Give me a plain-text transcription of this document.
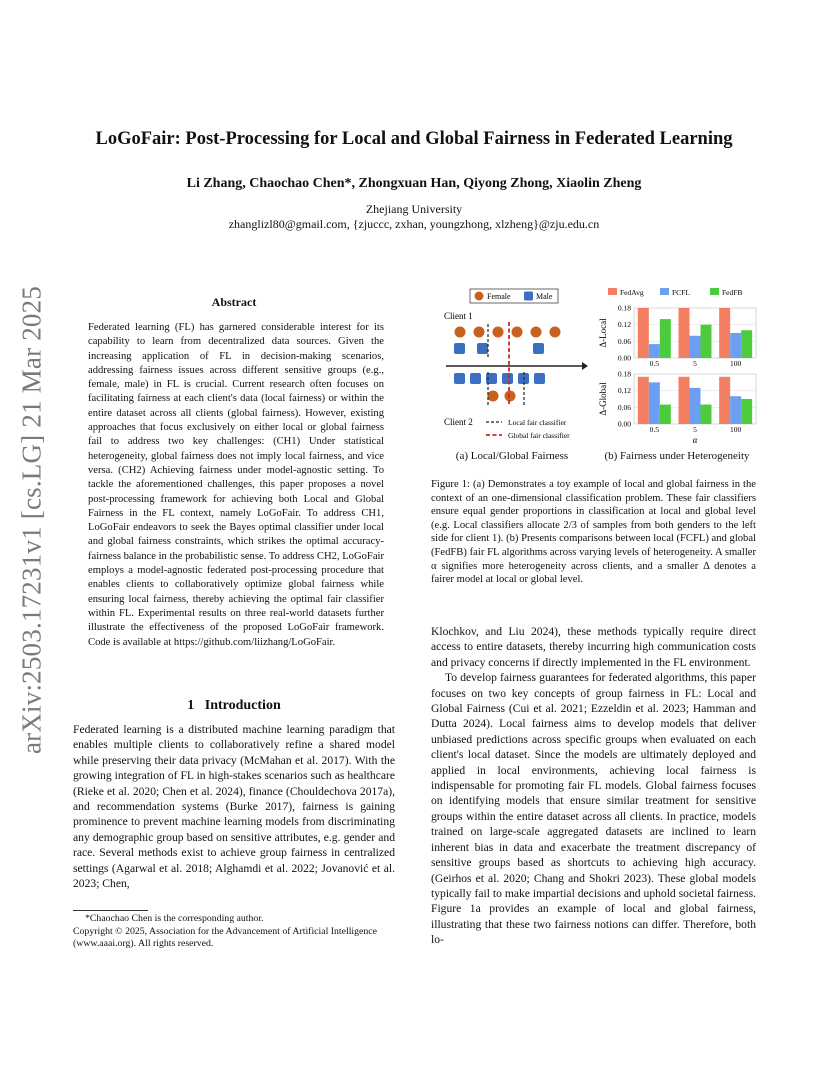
arXiv:2503.17231v1 [cs.LG] 21 Mar 2025
LoGoFair: Post-Processing for Local and Global Fairness in Federated Learning
Li Zhang, Chaochao Chen*, Zhongxuan Han, Qiyong Zhong, Xiaolin Zheng
Zhejiang University
zhanglizl80@gmail.com, {zjuccc, zxhan, youngzhong, xlzheng}@zju.edu.cn
Abstract
Federated learning (FL) has garnered considerable interest for its capability to learn from decentralized data sources. Given the increasing application of FL in decision-making scenarios, addressing fairness issues across different sensitive groups (e.g., female, male) in FL is crucial. Current research often focuses on facilitating fairness at each client's data (local fairness) or within the entire dataset across all clients (global fairness). However, existing approaches that focus exclusively on either local or global fairness fail to address two key challenges: (CH1) Under statistical heterogeneity, global fairness does not imply local fairness, and vice versa. (CH2) Achieving fairness under model-agnostic setting. To tackle the aforementioned challenges, this paper proposes a novel post-processing framework for achieving both Local and Global Fairness in the FL context, namely LoGoFair. To address CH1, LoGoFair endeavors to seek the Bayes optimal classifier under local and global fairness constraints, which strikes the optimal accuracy-fairness balance in the probabilistic sense. To address CH2, LoGoFair employs a model-agnostic federated post-processing procedure that enables clients to collaboratively optimize global fairness while ensuring local fairness, thereby achieving the optimal fair classifier within FL. Experimental results on three real-world datasets further illustrate the effectiveness of the proposed LoGoFair framework. Code is available at https://github.com/liizhang/LoGoFair.
1 Introduction
Federated learning is a distributed machine learning paradigm that enables multiple clients to collaboratively refine a shared model while preserving their data privacy (McMahan et al. 2017). With the growing integration of FL in high-stakes scenarios such as healthcare (Rieke et al. 2020; Chen et al. 2024), finance (Chouldechova 2017a), and recommendation systems (Burke 2017), fairness is gaining prominence to prevent machine learning models from discriminating any demographic group based on sensitive attributes, e.g. gender and race. Several methods exist to achieve group fairness in centralized settings (Agarwal et al. 2018; Alghamdi et al. 2022; Jovanović et al. 2023; Chen,
*Chaochao Chen is the corresponding author.
Copyright © 2025, Association for the Advancement of Artificial Intelligence (www.aaai.org). All rights reserved.
Female	Male
Client 1
Client 2	Local fair classifier
Global fair classifier
FedAvg	FCFL	FedFB
0.00
0.06
0.12
0.18
0.5	5	100
Δ-Local
0.00
0.06
0.12
0.18
0.5	5	100
Δ-Global
α
(a) Local/Global Fairness	(b) Fairness under Heterogeneity
Figure 1: (a) Demonstrates a toy example of local and global fairness in the context of an one-dimensional classification problem. These fair classifiers ensure equal gender proportions in classification at local and global level (e.g. Local classifiers allocate 2/3 of samples from both genders to the left side for client 1). (b) Presents comparisons between local (FCFL) and global (FedFB) fair FL algorithms across varying levels of heterogeneity. A smaller α signifies more heterogeneity across clients, and a smaller Δ denotes a fairer model at local or global level.

Klochkov, and Liu 2024), these methods typically require direct access to entire datasets, thereby incurring high communication costs and privacy concerns if directly implemented in the FL environment.

To develop fairness guarantees for federated algorithms, this paper focuses on two key concepts of group fairness in FL: Local and Global Fairness (Cui et al. 2021; Ezzeldin et al. 2023; Hamman and Dutta 2024). Local fairness aims to develop models that deliver unbiased predictions across specific groups when evaluated on each client's local dataset. Since the models are ultimately deployed and applied in local environments, achieving local fairness is indispensable for promoting fair FL models. Global fairness focuses on identifying models that ensure similar treatment for sensitive groups within the entire dataset across all clients. In practice, models trained on large-scale aggregated datasets are inclined to learn inherent bias in data and exacerbate the treatment discrepancy of sensitive groups based as shortcuts to achieving high accuracy. (Geirhos et al. 2020; Chang and Shokri 2023). These global models typically fail to make impartial decisions and uphold societal fairness. Figure 1a provides an example of local and global fairness, illustrating that these two fairness notions can differ. Therefore, both lo-
